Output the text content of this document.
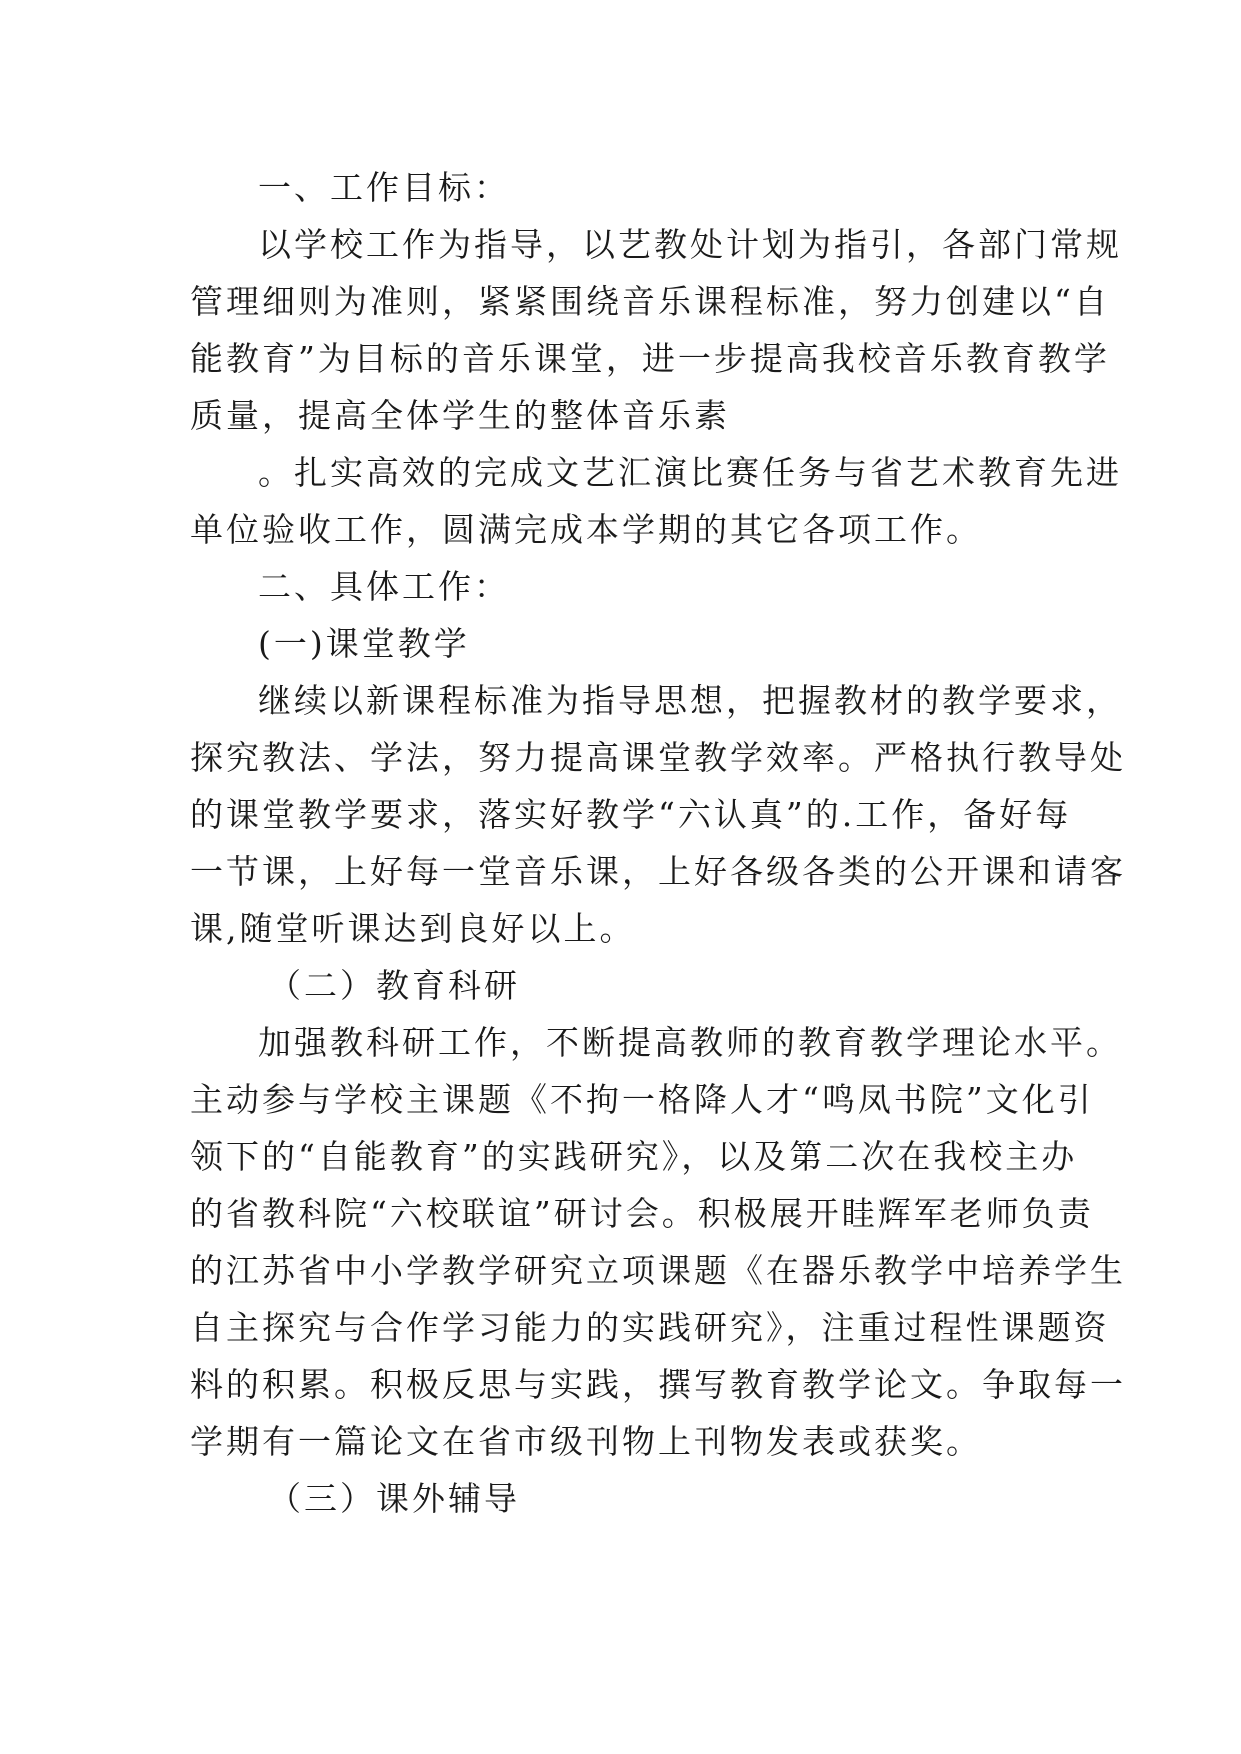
一、工作目标：
以学校工作为指导，以艺教处计划为指引，各部门常规
管理细则为准则，紧紧围绕音乐课程标准，努力创建以“自
能教育”为目标的音乐课堂，进一步提高我校音乐教育教学
质量，提高全体学生的整体音乐素
。扎实高效的完成文艺汇演比赛任务与省艺术教育先进
单位验收工作，圆满完成本学期的其它各项工作。
二、具体工作：
(一)课堂教学
继续以新课程标准为指导思想，把握教材的教学要求，
探究教法、学法，努力提高课堂教学效率。严格执行教导处
的课堂教学要求，落实好教学“六认真”的.工作，备好每
一节课，上好每一堂音乐课，上好各级各类的公开课和请客
课,随堂听课达到良好以上。
（二）教育科研
加强教科研工作，不断提高教师的教育教学理论水平。
主动参与学校主课题《不拘一格降人才“鸣凤书院”文化引
领下的“自能教育”的实践研究》，以及第二次在我校主办
的省教科院“六校联谊”研讨会。积极展开眭辉军老师负责
的江苏省中小学教学研究立项课题《在器乐教学中培养学生
自主探究与合作学习能力的实践研究》，注重过程性课题资
料的积累。积极反思与实践，撰写教育教学论文。争取每一
学期有一篇论文在省市级刊物上刊物发表或获奖。
（三）课外辅导
